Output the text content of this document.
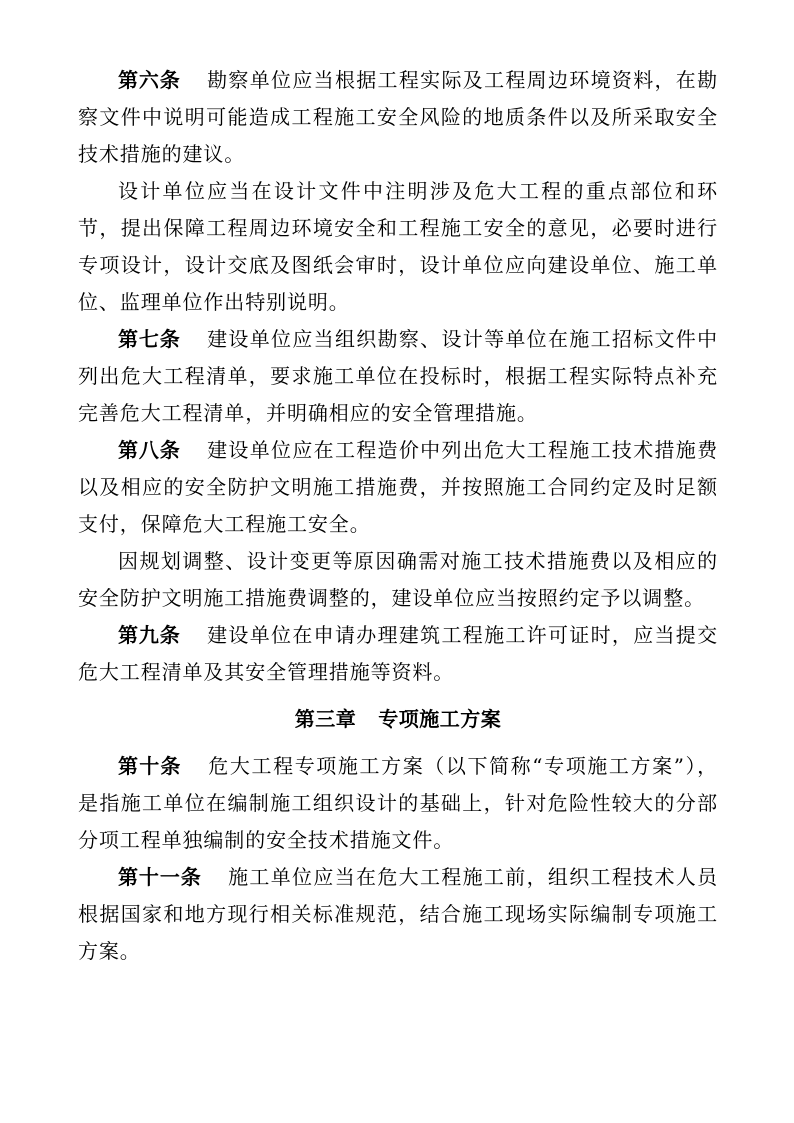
第六条 勘察单位应当根据工程实际及工程周边环境资料，在勘察文件中说明可能造成工程施工安全风险的地质条件以及所采取安全技术措施的建议。

设计单位应当在设计文件中注明涉及危大工程的重点部位和环节，提出保障工程周边环境安全和工程施工安全的意见，必要时进行专项设计，设计交底及图纸会审时，设计单位应向建设单位、施工单位、监理单位作出特别说明。

第七条 建设单位应当组织勘察、设计等单位在施工招标文件中列出危大工程清单，要求施工单位在投标时，根据工程实际特点补充完善危大工程清单，并明确相应的安全管理措施。

第八条 建设单位应在工程造价中列出危大工程施工技术措施费以及相应的安全防护文明施工措施费，并按照施工合同约定及时足额支付，保障危大工程施工安全。

因规划调整、设计变更等原因确需对施工技术措施费以及相应的安全防护文明施工措施费调整的，建设单位应当按照约定予以调整。

第九条 建设单位在申请办理建筑工程施工许可证时，应当提交危大工程清单及其安全管理措施等资料。

第三章 专项施工方案

第十条 危大工程专项施工方案（以下简称“专项施工方案”），是指施工单位在编制施工组织设计的基础上，针对危险性较大的分部分项工程单独编制的安全技术措施文件。

第十一条 施工单位应当在危大工程施工前，组织工程技术人员根据国家和地方现行相关标准规范，结合施工现场实际编制专项施工方案。
